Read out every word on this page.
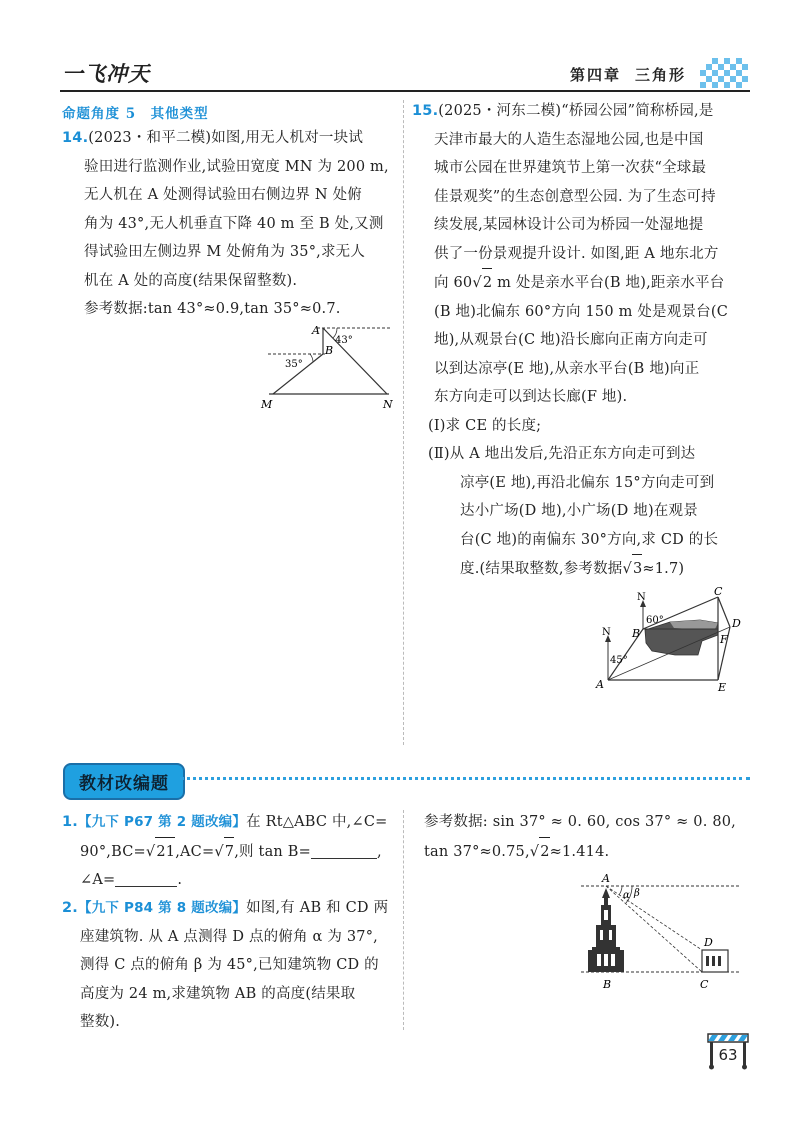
一飞冲天	第四章 三角形
命题角度 5　其他类型
14.(2023・和平二模)如图,用无人机对一块试
验田进行监测作业,试验田宽度 MN 为 200 m,
无人机在 A 处测得试验田右侧边界 N 处俯
角为 43°,无人机垂直下降 40 m 至 B 处,又测
得试验田左侧边界 M 处俯角为 35°,求无人
机在 A 处的高度(结果保留整数).
参考数据:tan 43°≈0.9,tan 35°≈0.7.
A
43°
B
35°
M	N
15.(2025・河东二模)“桥园公园”简称桥园,是
天津市最大的人造生态湿地公园,也是中国
城市公园在世界建筑节上第一次获“全球最
佳景观奖”的生态创意型公园. 为了生态可持
续发展,某园林设计公司为桥园一处湿地提
供了一份景观提升设计. 如图,距 A 地东北方
向 60√2 m 处是亲水平台(B 地),距亲水平台
(B 地)北偏东 60°方向 150 m 处是观景台(C
地),从观景台(C 地)沿长廊向正南方向走可
以到达凉亭(E 地),从亲水平台(B 地)向正
东方向走可以到达长廊(F 地).
(Ⅰ)求 CE 的长度;
(Ⅱ)从 A 地出发后,先沿正东方向走可到达
凉亭(E 地),再沿北偏东 15°方向走可到
达小广场(D 地),小广场(D 地)在观景
台(C 地)的南偏东 30°方向,求 CD 的长
度.(结果取整数,参考数据√3≈1.7)
N
N
60°
45°
A
B
C
D
F
E
教材改编题
1.【九下 P67 第 2 题改编】在 Rt△ABC 中,∠C=
90°,BC=√21,AC=√7,则 tan B=	,
∠A=	.
2.【九下 P84 第 8 题改编】如图,有 AB 和 CD 两
座建筑物. 从 A 点测得 D 点的俯角 α 为 37°,
测得 C 点的俯角 β 为 45°,已知建筑物 CD 的
高度为 24 m,求建筑物 AB 的高度(结果取
整数).
参考数据: sin 37° ≈ 0. 60, cos 37° ≈ 0. 80,
tan 37°≈0.75,√2≈1.414.
A
α β
D
B	C
63
